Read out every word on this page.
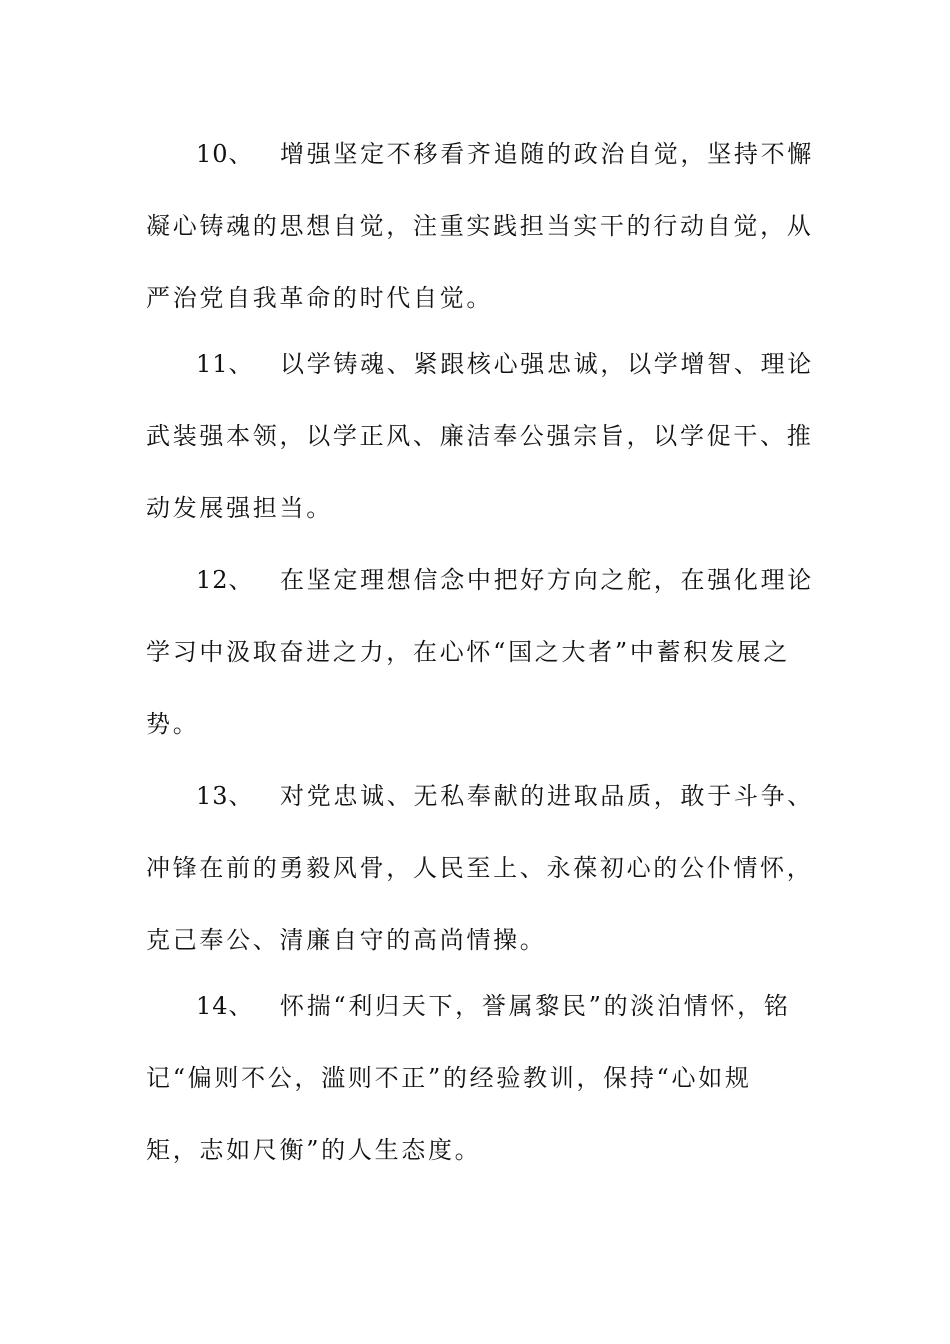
10、 增强坚定不移看齐追随的政治自觉，坚持不懈
凝心铸魂的思想自觉，注重实践担当实干的行动自觉，从
严治党自我革命的时代自觉。
11、 以学铸魂、紧跟核心强忠诚，以学增智、理论
武装强本领，以学正风、廉洁奉公强宗旨，以学促干、推
动发展强担当。
12、 在坚定理想信念中把好方向之舵，在强化理论
学习中汲取奋进之力，在心怀“国之大者”中蓄积发展之
势。
13、 对党忠诚、无私奉献的进取品质，敢于斗争、
冲锋在前的勇毅风骨，人民至上、永葆初心的公仆情怀，
克己奉公、清廉自守的高尚情操。
14、 怀揣“利归天下，誉属黎民”的淡泊情怀，铭
记“偏则不公，滥则不正”的经验教训，保持“心如规
矩，志如尺衡”的人生态度。
